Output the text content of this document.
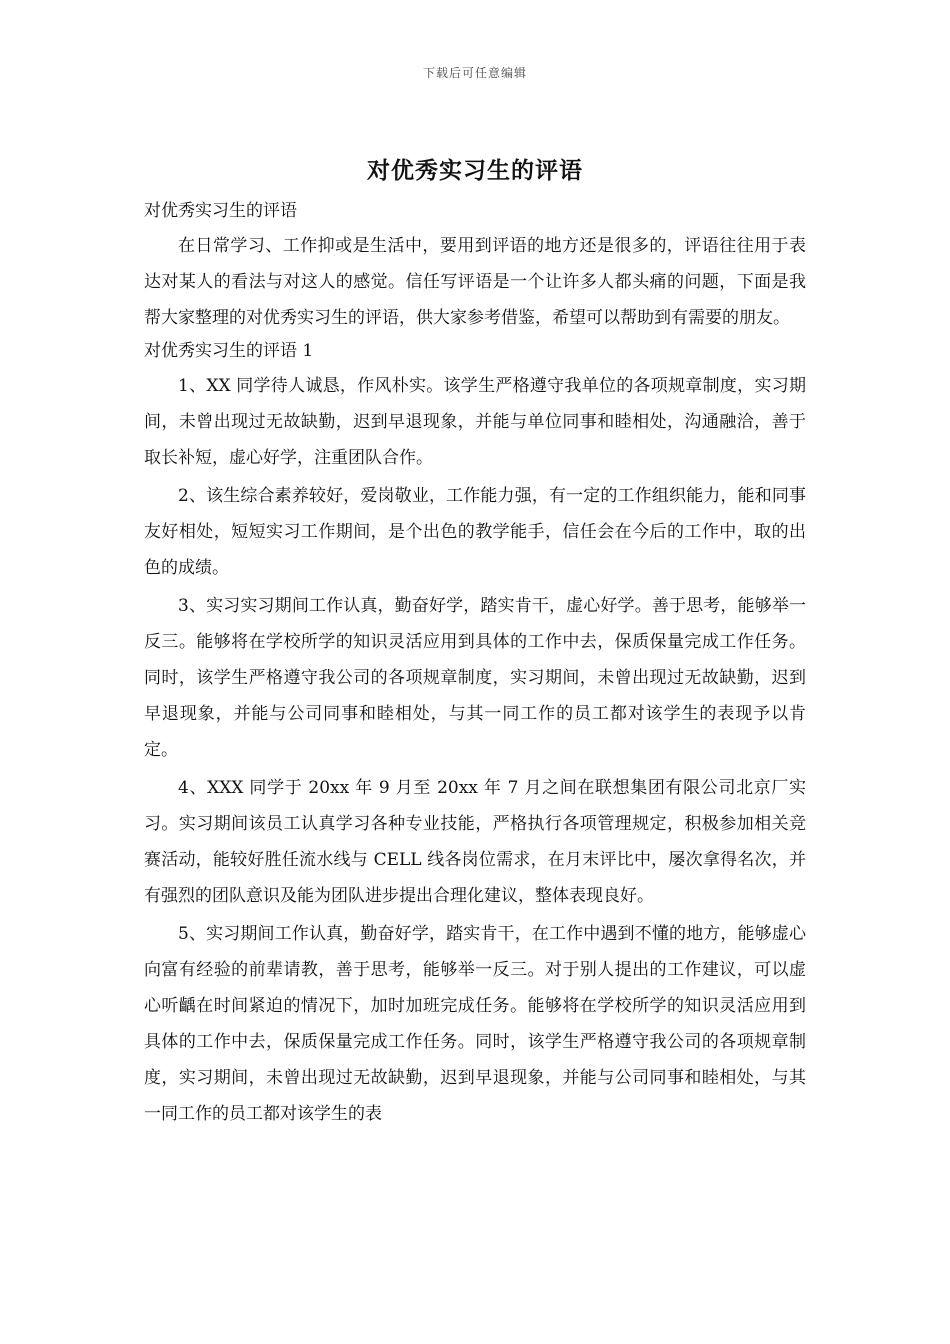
下载后可任意编辑
对优秀实习生的评语

对优秀实习生的评语

在日常学习、工作抑或是生活中，要用到评语的地方还是很多的，评语往往用于表达对某人的看法与对这人的感觉。信任写评语是一个让许多人都头痛的问题，下面是我帮大家整理的对优秀实习生的评语，供大家参考借鉴，希望可以帮助到有需要的朋友。

对优秀实习生的评语 1

1、XX 同学待人诚恳，作风朴实。该学生严格遵守我单位的各项规章制度，实习期间，未曾出现过无故缺勤，迟到早退现象，并能与单位同事和睦相处，沟通融洽，善于取长补短，虚心好学，注重团队合作。

2、该生综合素养较好，爱岗敬业，工作能力强，有一定的工作组织能力，能和同事友好相处，短短实习工作期间，是个出色的教学能手，信任会在今后的工作中，取的出色的成绩。

3、实习实习期间工作认真，勤奋好学，踏实肯干，虚心好学。善于思考，能够举一反三。能够将在学校所学的知识灵活应用到具体的工作中去，保质保量完成工作任务。同时，该学生严格遵守我公司的各项规章制度，实习期间，未曾出现过无故缺勤，迟到早退现象，并能与公司同事和睦相处，与其一同工作的员工都对该学生的表现予以肯定。

4、XXX 同学于 20xx 年 9 月至 20xx 年 7 月之间在联想集团有限公司北京厂实习。实习期间该员工认真学习各种专业技能，严格执行各项管理规定，积极参加相关竞赛活动，能较好胜任流水线与 CELL 线各岗位需求，在月末评比中，屡次拿得名次，并有强烈的团队意识及能为团队进步提出合理化建议，整体表现良好。

5、实习期间工作认真，勤奋好学，踏实肯干，在工作中遇到不懂的地方，能够虚心向富有经验的前辈请教，善于思考，能够举一反三。对于别人提出的工作建议，可以虚心听齲在时间紧迫的情况下，加时加班完成任务。能够将在学校所学的知识灵活应用到具体的工作中去，保质保量完成工作任务。同时，该学生严格遵守我公司的各项规章制度，实习期间，未曾出现过无故缺勤，迟到早退现象，并能与公司同事和睦相处，与其一同工作的员工都对该学生的表
